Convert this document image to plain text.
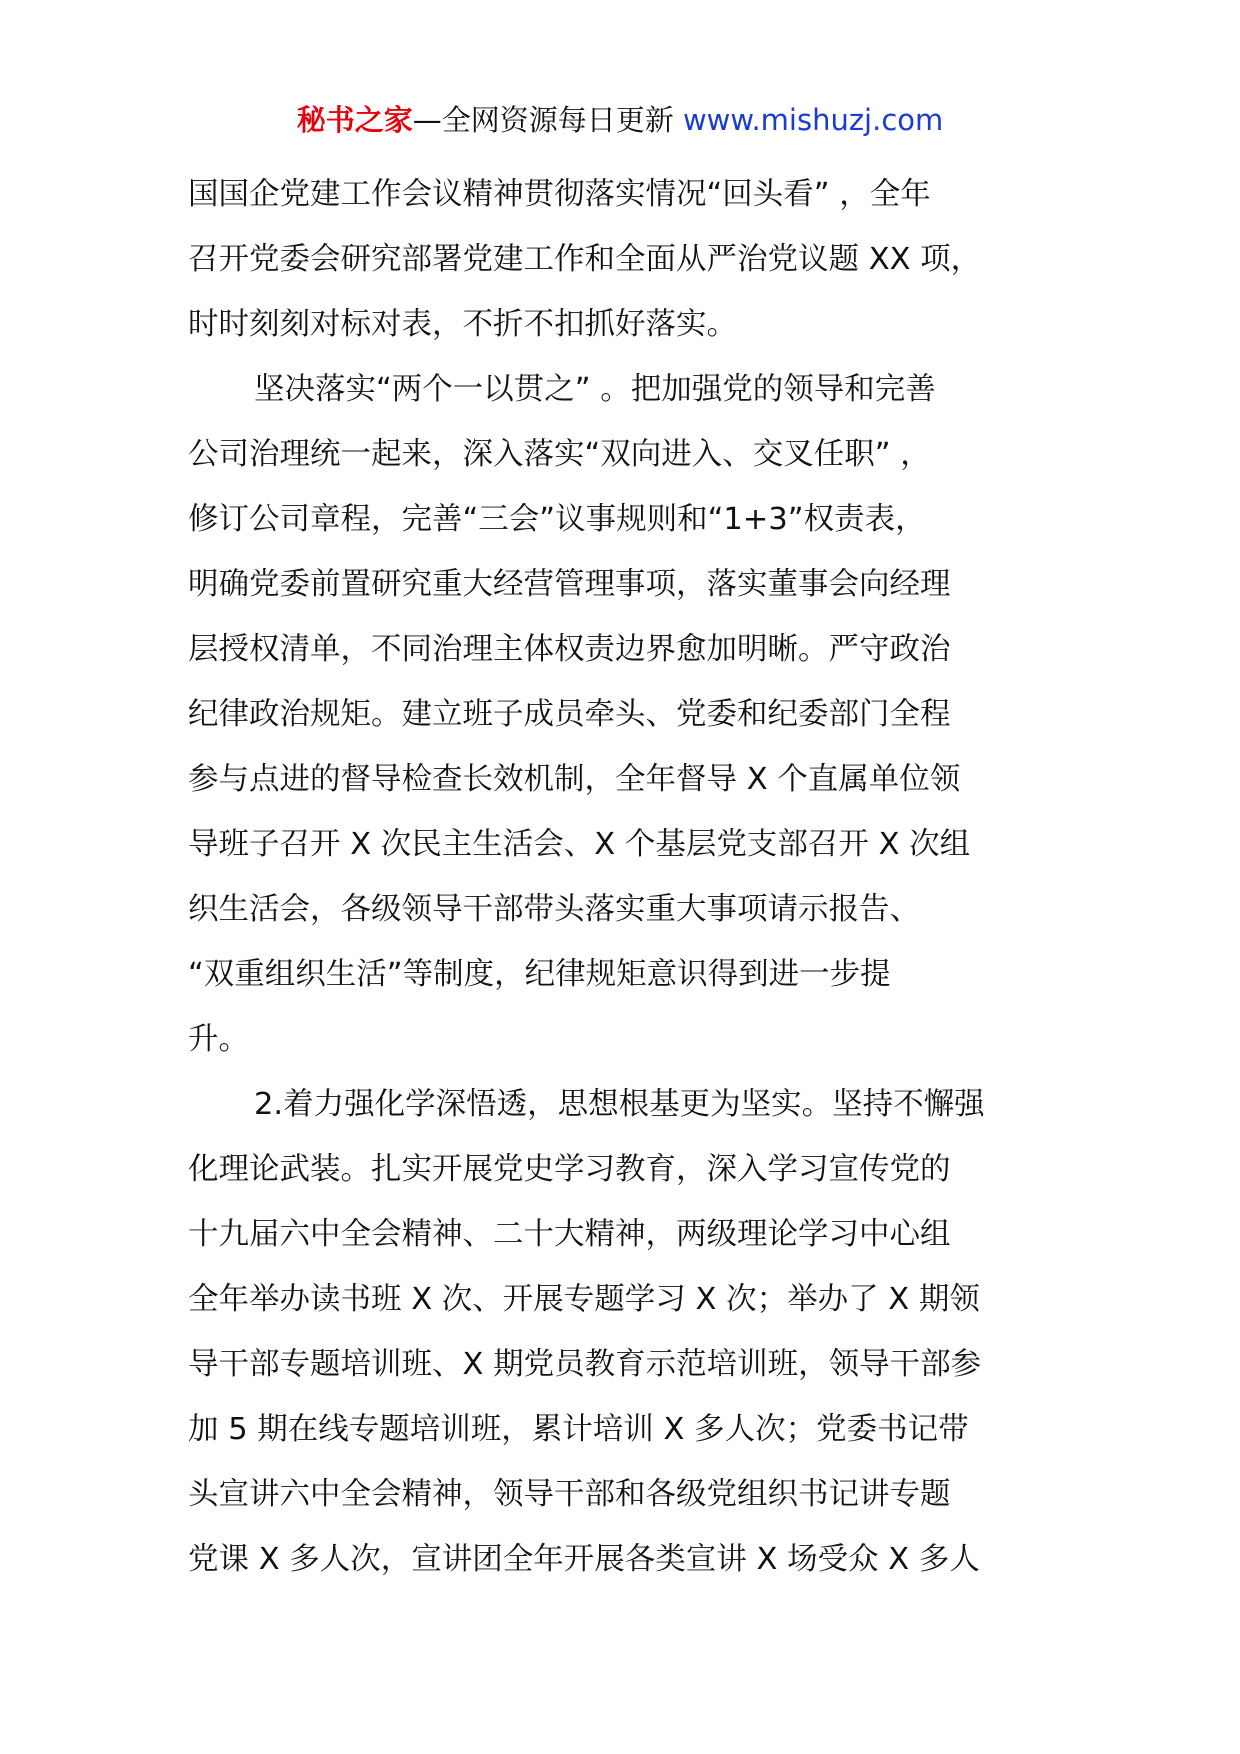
秘书之家—全网资源每日更新 www.mishuzj.com
国国企党建工作会议精神贯彻落实情况“回头看” ，全年
召开党委会研究部署党建工作和全面从严治党议题 XX 项，
时时刻刻对标对表，不折不扣抓好落实。
坚决落实“两个一以贯之” 。把加强党的领导和完善
公司治理统一起来，深入落实“双向进入、交叉任职” ，
修订公司章程，完善“三会”议事规则和“1+3”权责表，
明确党委前置研究重大经营管理事项，落实董事会向经理
层授权清单，不同治理主体权责边界愈加明晰。严守政治
纪律政治规矩。建立班子成员牵头、党委和纪委部门全程
参与点进的督导检查长效机制，全年督导 X 个直属单位领
导班子召开 X 次民主生活会、X 个基层党支部召开 X 次组
织生活会，各级领导干部带头落实重大事项请示报告、
“双重组织生活”等制度，纪律规矩意识得到进一步提
升。
2.着力强化学深悟透，思想根基更为坚实。坚持不懈强
化理论武装。扎实开展党史学习教育，深入学习宣传党的
十九届六中全会精神、二十大精神，两级理论学习中心组
全年举办读书班 X 次、开展专题学习 X 次；举办了 X 期领
导干部专题培训班、X 期党员教育示范培训班，领导干部参
加 5 期在线专题培训班，累计培训 X 多人次；党委书记带
头宣讲六中全会精神，领导干部和各级党组织书记讲专题
党课 X 多人次，宣讲团全年开展各类宣讲 X 场受众 X 多人
